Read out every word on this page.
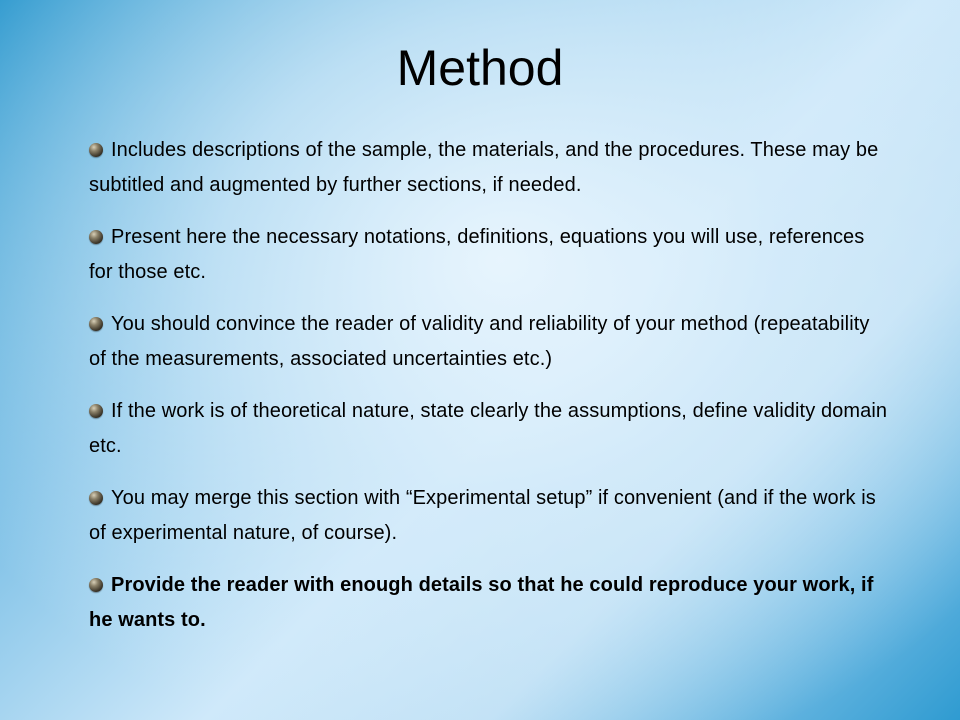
Method
Includes descriptions of the sample, the materials, and the procedures. These may be subtitled and augmented by further sections, if needed.
Present here the necessary notations, definitions, equations you will use, references for those etc.
You should convince the reader of validity and reliability of your method (repeatability of the measurements, associated uncertainties etc.)
If the work is of theoretical nature, state clearly the assumptions, define validity domain etc.
You may merge this section with “Experimental setup” if convenient (and if the work is of experimental nature, of course).
Provide the reader with enough details so that he could reproduce your work, if he wants to.
